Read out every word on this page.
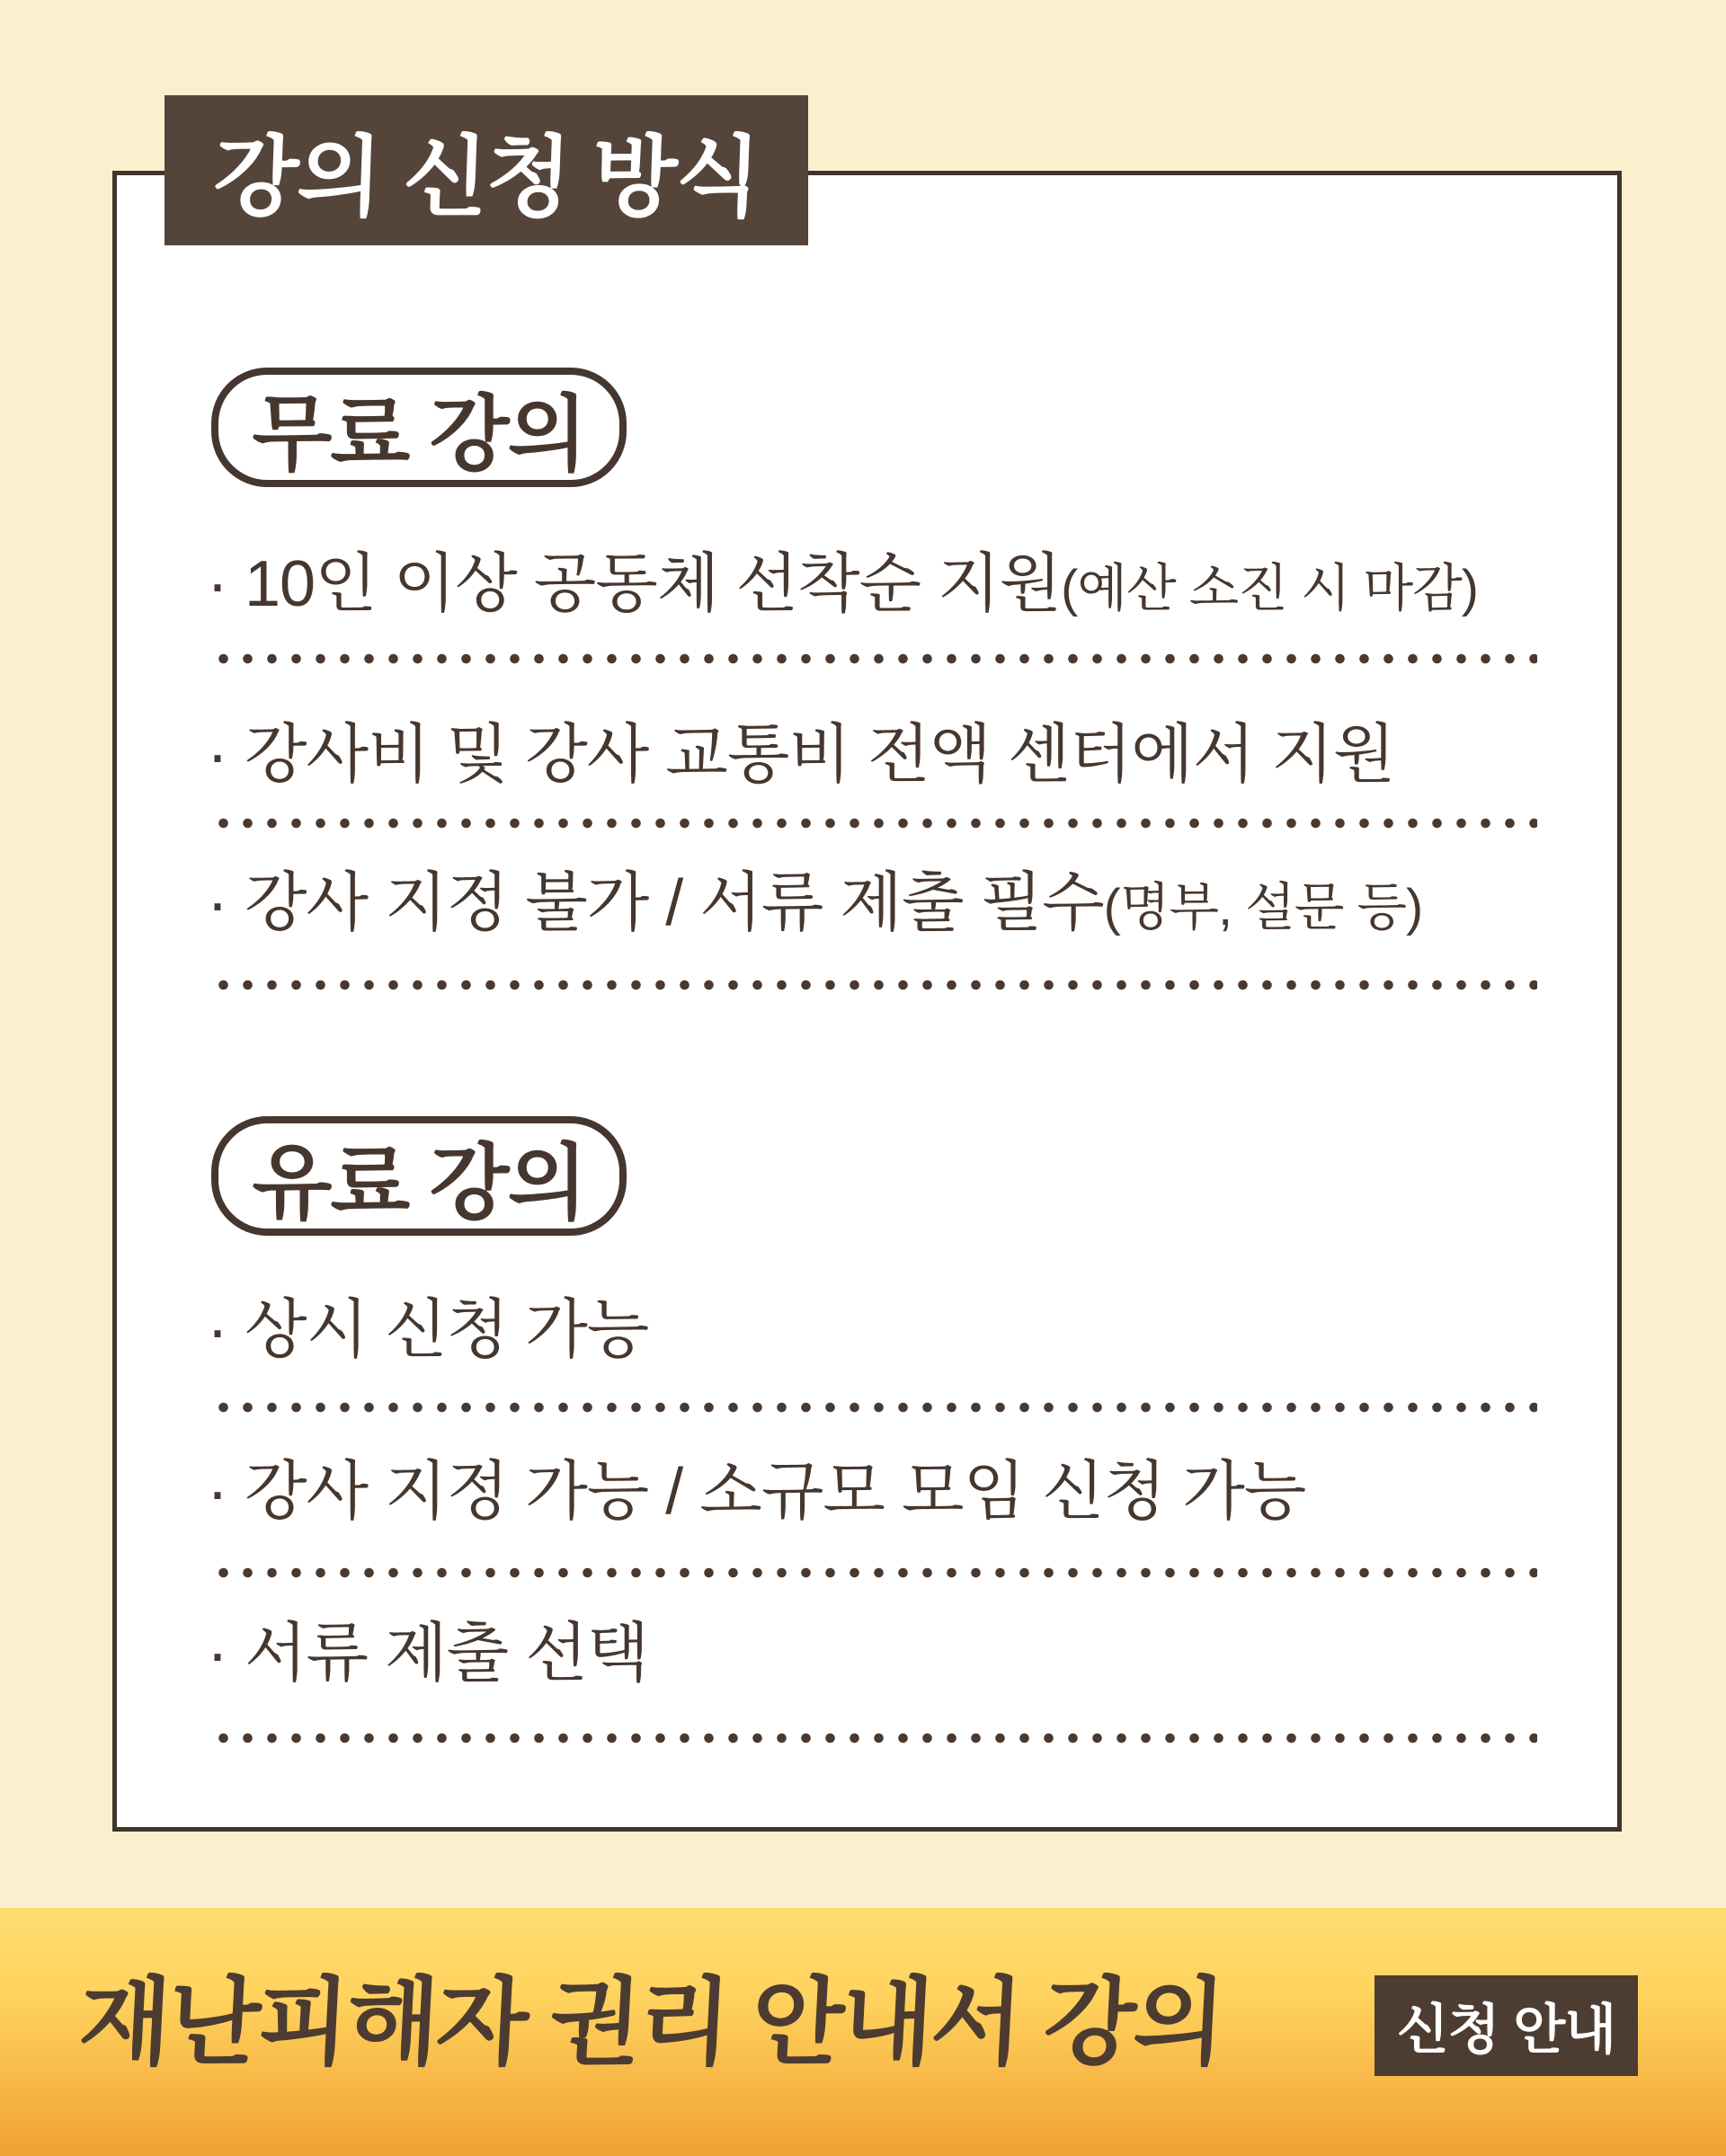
강의 신청 방식
무료 강의
· 10인 이상 공동체 선착순 지원(예산 소진 시 마감)
· 강사비 및 강사 교통비 전액 센터에서 지원
· 강사 지정 불가 / 서류 제출 필수(명부, 설문 등)
유료 강의
· 상시 신청 가능
· 강사 지정 가능 / 소규모 모임 신청 가능
· 서류 제출 선택
재난피해자 권리 안내서 강의	신청 안내
